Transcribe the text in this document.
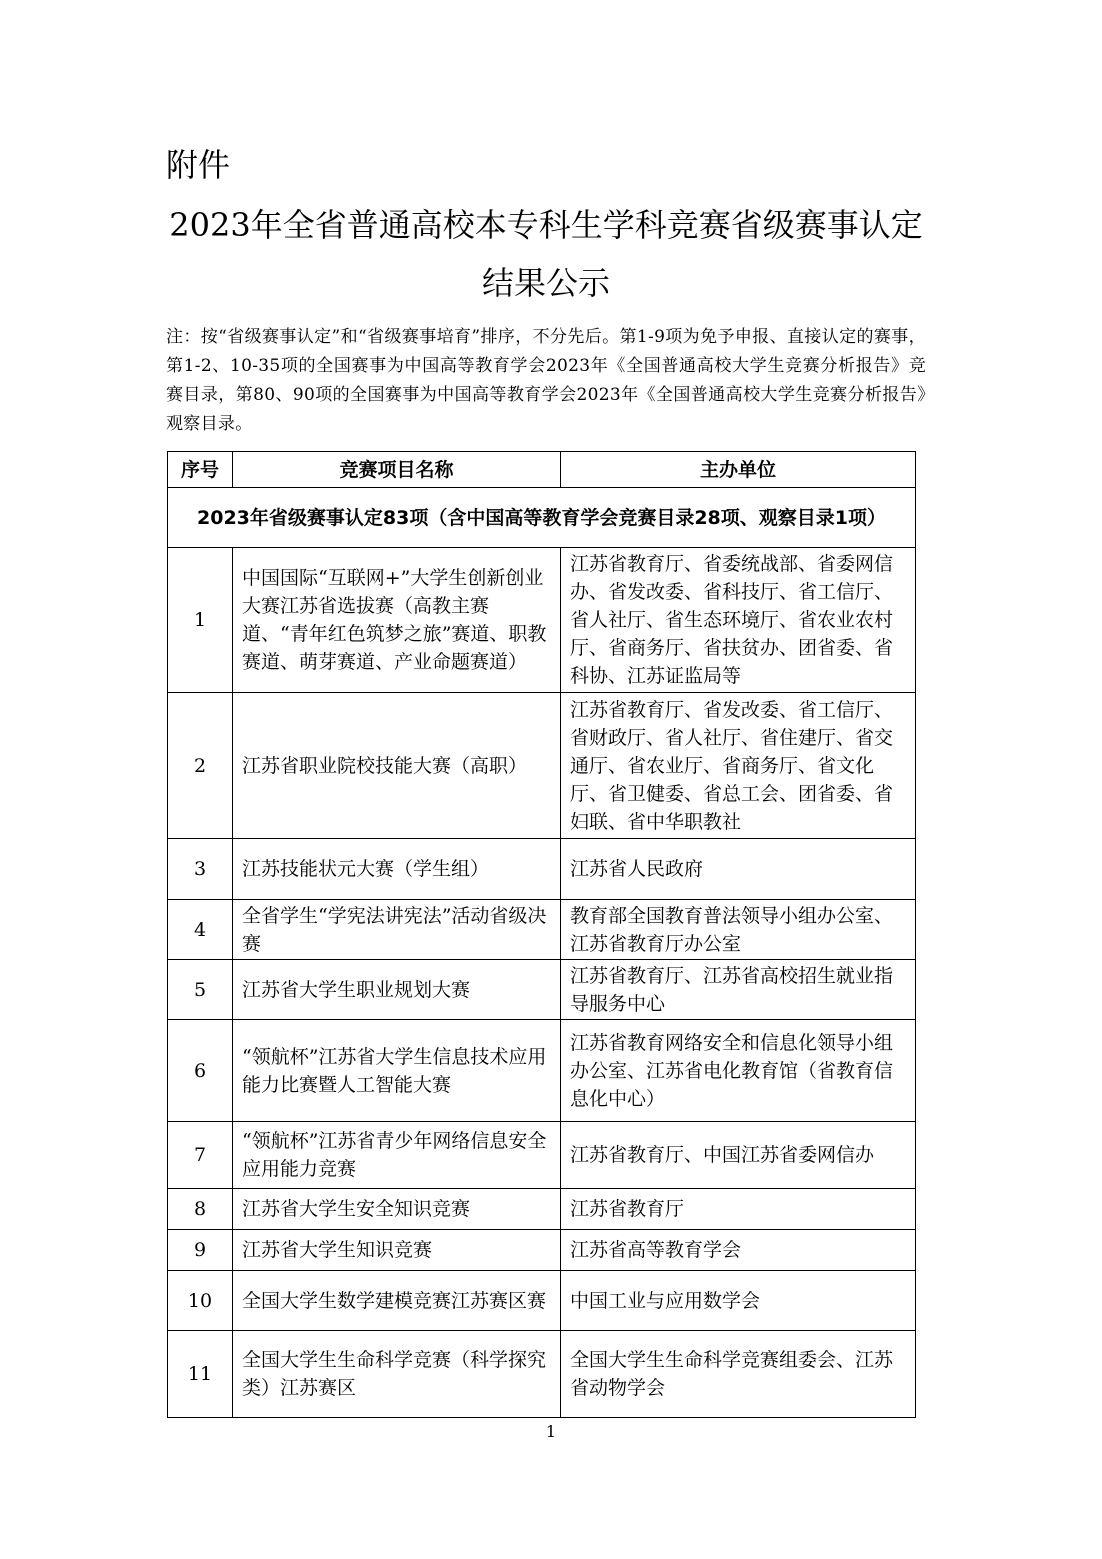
附件
2023年全省普通高校本专科生学科竞赛省级赛事认定结果公示
注：按“省级赛事认定”和“省级赛事培育”排序，不分先后。第1-9项为免予申报、直接认定的赛事，第1-2、10-35项的全国赛事为中国高等教育学会2023年《全国普通高校大学生竞赛分析报告》竞赛目录，第80、90项的全国赛事为中国高等教育学会2023年《全国普通高校大学生竞赛分析报告》观察目录。
序号	竞赛项目名称	主办单位
2023年省级赛事认定83项（含中国高等教育学会竞赛目录28项、观察目录1项）		
1	中国国际“互联网+”大学生创新创业大赛江苏省选拔赛（高教主赛道、“青年红色筑梦之旅”赛道、职教赛道、萌芽赛道、产业命题赛道）	江苏省教育厅、省委统战部、省委网信办、省发改委、省科技厅、省工信厅、省人社厅、省生态环境厅、省农业农村厅、省商务厅、省扶贫办、团省委、省科协、江苏证监局等
2	江苏省职业院校技能大赛（高职）	江苏省教育厅、省发改委、省工信厅、省财政厅、省人社厅、省住建厅、省交通厅、省农业厅、省商务厅、省文化厅、省卫健委、省总工会、团省委、省妇联、省中华职教社
3	江苏技能状元大赛（学生组）	江苏省人民政府
4	全省学生“学宪法讲宪法”活动省级决赛	教育部全国教育普法领导小组办公室、江苏省教育厅办公室
5	江苏省大学生职业规划大赛	江苏省教育厅、江苏省高校招生就业指导服务中心
6	“领航杯”江苏省大学生信息技术应用能力比赛暨人工智能大赛	江苏省教育网络安全和信息化领导小组办公室、江苏省电化教育馆（省教育信息化中心）
7	“领航杯”江苏省青少年网络信息安全应用能力竞赛	江苏省教育厅、中国江苏省委网信办
8	江苏省大学生安全知识竞赛	江苏省教育厅
9	江苏省大学生知识竞赛	江苏省高等教育学会
10	全国大学生数学建模竞赛江苏赛区赛	中国工业与应用数学会
11	全国大学生生命科学竞赛（科学探究类）江苏赛区	全国大学生生命科学竞赛组委会、江苏省动物学会
1
